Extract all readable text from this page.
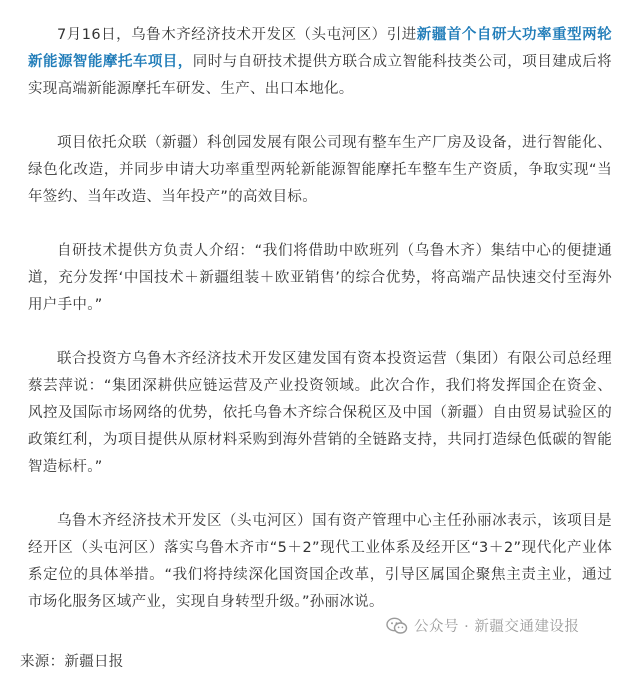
7月16日，乌鲁木齐经济技术开发区（头屯河区）引进新疆首个自研大功率重型两轮新能源智能摩托车项目，同时与自研技术提供方联合成立智能科技类公司，项目建成后将实现高端新能源摩托车研发、生产、出口本地化。

项目依托众联（新疆）科创园发展有限公司现有整车生产厂房及设备，进行智能化、绿色化改造，并同步申请大功率重型两轮新能源智能摩托车整车生产资质，争取实现“当年签约、当年改造、当年投产”的高效目标。

自研技术提供方负责人介绍：“我们将借助中欧班列（乌鲁木齐）集结中心的便捷通道，充分发挥‘中国技术＋新疆组装＋欧亚销售’的综合优势，将高端产品快速交付至海外用户手中。”

联合投资方乌鲁木齐经济技术开发区建发国有资本投资运营（集团）有限公司总经理蔡芸萍说：“集团深耕供应链运营及产业投资领域。此次合作，我们将发挥国企在资金、风控及国际市场网络的优势，依托乌鲁木齐综合保税区及中国（新疆）自由贸易试验区的政策红利，为项目提供从原材料采购到海外营销的全链路支持，共同打造绿色低碳的智能智造标杆。”

乌鲁木齐经济技术开发区（头屯河区）国有资产管理中心主任孙丽冰表示，该项目是经开区（头屯河区）落实乌鲁木齐市“5＋2”现代工业体系及经开区“3＋2”现代化产业体系定位的具体举措。“我们将持续深化国资国企改革，引导区属国企聚焦主责主业，通过市场化服务区域产业，实现自身转型升级。”孙丽冰说。

公众号 · 新疆交通建设报
来源：新疆日报
